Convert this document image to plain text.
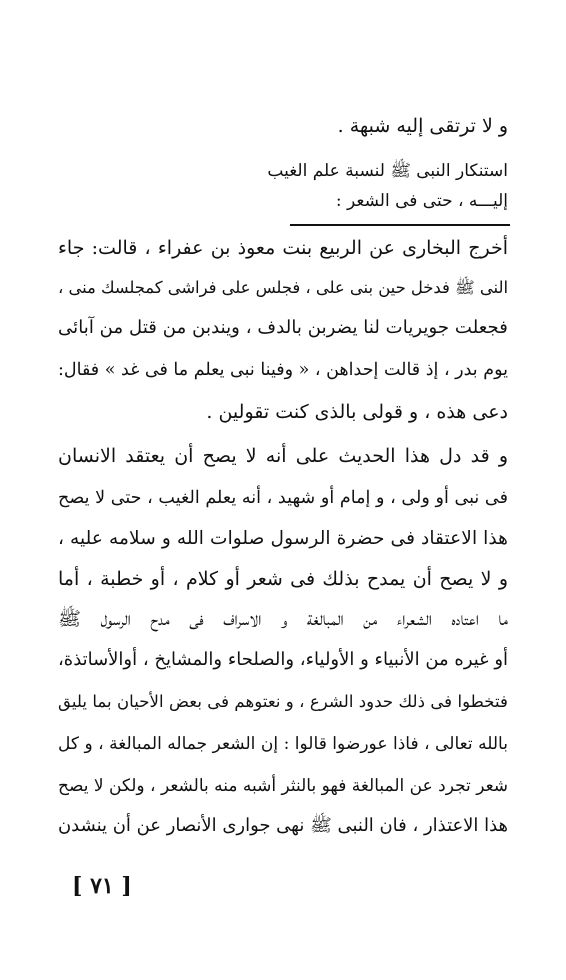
و لا ترتقى إليه شبهة .
استنكار النبى ﷺ لنسبة علم الغيب
إليـــه ، حتى فى الشعر :
أخرج البخارى عن الربيع بنت معوذ بن عفراء ، قالت: جاء
النى ﷺ فدخل حين بنى على ، فجلس على فراشى كمجلسك منى ،
فجعلت جويريات لنا يضربن بالدف ، ويندبن من قتل من آبائى
يوم بدر ، إذ قالت إحداهن ، « وفينا نبى يعلم ما فى غد » فقال:
دعى هذه ، و قولى بالذى كنت تقولين .
و قد دل هذا الحديث على أنه لا يصح أن يعتقد الانسان
فى نبى أو ولى ، و إمام أو شهيد ، أنه يعلم الغيب ، حتى لا يصح
هذا الاعتقاد فى حضرة الرسول صلوات الله و سلامه عليه ،
و لا يصح أن يمدح بذلك فى شعر أو كلام ، أو خطبة ، أما
ما اعتاده الشعراء من المبالغة و الاسراف فى مدح الرسول ﷺ
أو غيره من الأنبياء و الأولياء، والصلحاء والمشايخ ، أوالأساتذة،
فتخطوا فى ذلك حدود الشرع ، و نعتوهم فى بعض الأحيان بما يليق
بالله تعالى ، فاذا عورضوا قالوا : إن الشعر جماله المبالغة ، و كل
شعر تجرد عن المبالغة فهو بالنثر أشبه منه بالشعر ، ولكن لا يصح
هذا الاعتذار ، فان النبى ﷺ نهى جوارى الأنصار عن أن ينشدن
[ ٧١ ]
